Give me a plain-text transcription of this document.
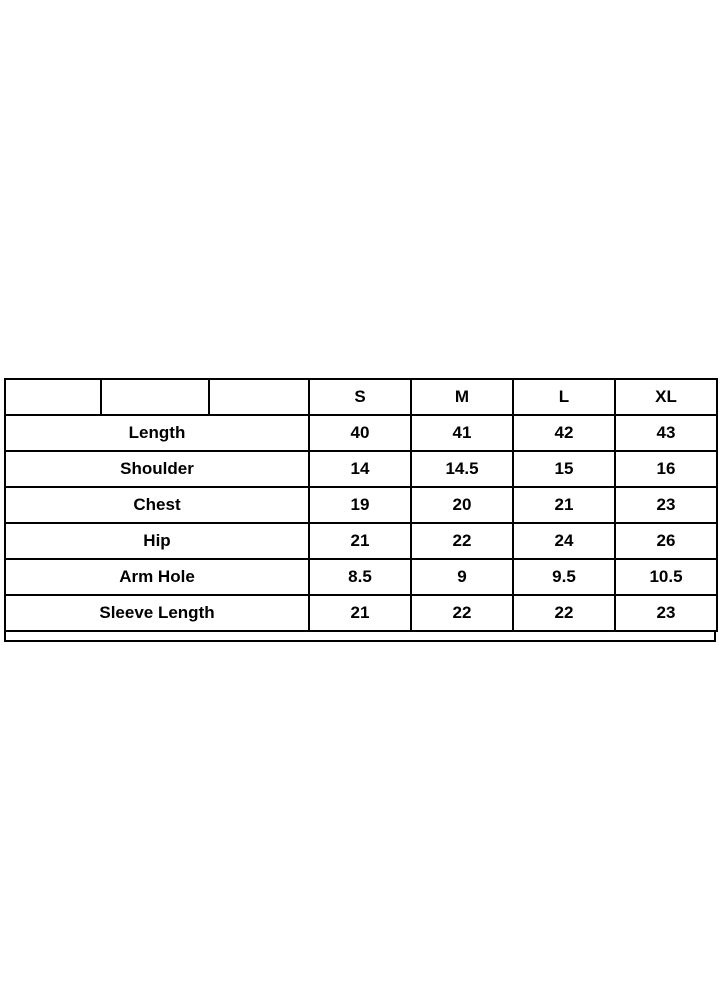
			S	M	L	XL
Length			40	41	42	43
Shoulder			14	14.5	15	16
Chest			19	20	21	23
Hip			21	22	24	26
Arm Hole			8.5	9	9.5	10.5
Sleeve Length			21	22	22	23
